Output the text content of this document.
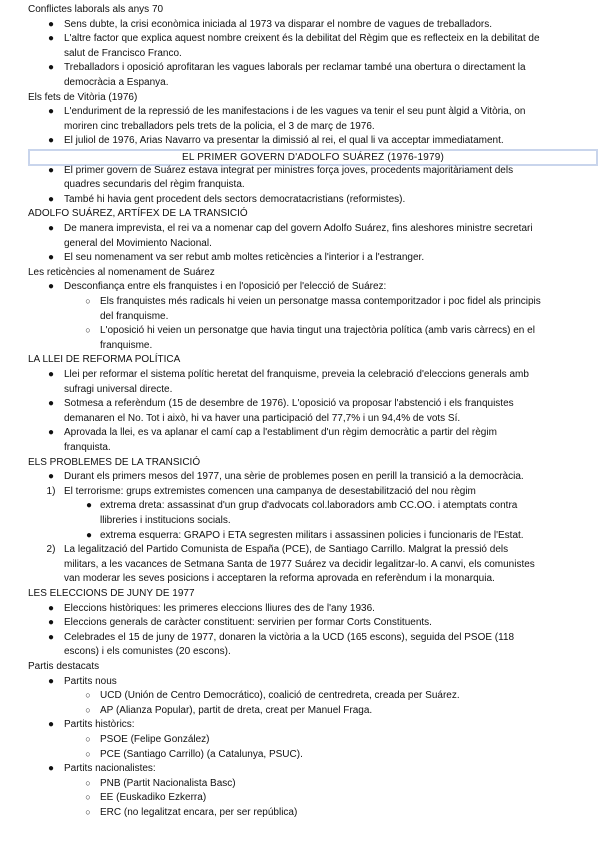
Conflictes laborals als anys 70
● Sens dubte, la crisi econòmica iniciada al 1973 va disparar el nombre de vagues de treballadors.
● L'altre factor que explica aquest nombre creixent és la debilitat del Règim que es reflecteix en la debilitat de
salut de Francisco Franco.
● Treballadors i oposició aprofitaran les vagues laborals per reclamar també una obertura o directament la
democràcia a Espanya.
Els fets de Vitòria (1976)
● L'enduriment de la repressió de les manifestacions i de les vagues va tenir el seu punt àlgid a Vitòria, on
moriren cinc treballadors pels trets de la policia, el 3 de març de 1976.
● El juliol de 1976, Arias Navarro va presentar la dimissió al rei, el qual li va acceptar immediatament.
EL PRIMER GOVERN D'ADOLFO SUÁREZ (1976-1979)
● El primer govern de Suárez estava integrat per ministres força joves, procedents majoritàriament dels
quadres secundaris del règim franquista.
● També hi havia gent procedent dels sectors democratacristians (reformistes).
ADOLFO SUÁREZ, ARTÍFEX DE LA TRANSICIÓ
● De manera imprevista, el rei va a nomenar cap del govern Adolfo Suárez, fins aleshores ministre secretari
general del Movimiento Nacional.
● El seu nomenament va ser rebut amb moltes reticències a l'interior i a l'estranger.
Les reticències al nomenament de Suárez
● Desconfiança entre els franquistes i en l'oposició per l'elecció de Suárez:
○ Els franquistes més radicals hi veien un personatge massa contemporitzador i poc fidel als principis
del franquisme.
○ L'oposició hi veien un personatge que havia tingut una trajectòria política (amb varis càrrecs) en el
franquisme.
LA LLEI DE REFORMA POLÍTICA
● Llei per reformar el sistema polític heretat del franquisme, preveia la celebració d'eleccions generals amb
sufragi universal directe.
● Sotmesa a referèndum (15 de desembre de 1976). L'oposició va proposar l'abstenció i els franquistes
demanaren el No. Tot i això, hi va haver una participació del 77,7% i un 94,4% de vots Sí.
● Aprovada la llei, es va aplanar el camí cap a l'establiment d'un règim democràtic a partir del règim
franquista.
ELS PROBLEMES DE LA TRANSICIÓ
● Durant els primers mesos del 1977, una sèrie de problemes posen en perill la transició a la democràcia.
1) El terrorisme: grups extremistes comencen una campanya de desestabilització del nou règim
● extrema dreta: assassinat d'un grup d'advocats col.laboradors amb CC.OO. i atemptats contra
llibreries i institucions socials.
● extrema esquerra: GRAPO i ETA segresten militars i assassinen policies i funcionaris de l'Estat.
2) La legalització del Partido Comunista de España (PCE), de Santiago Carrillo. Malgrat la pressió dels
militars, a les vacances de Setmana Santa de 1977 Suárez va decidir legalitzar-lo. A canvi, els comunistes
van moderar les seves posicions i acceptaren la reforma aprovada en referèndum i la monarquia.
LES ELECCIONS DE JUNY DE 1977
● Eleccions històriques: les primeres eleccions lliures des de l'any 1936.
● Eleccions generals de caràcter constituent: servirien per formar Corts Constituents.
● Celebrades el 15 de juny de 1977, donaren la victòria a la UCD (165 escons), seguida del PSOE (118
escons) i els comunistes (20 escons).
Partis destacats
● Partits nous
○ UCD (Unión de Centro Democrático), coalició de centredreta, creada per Suárez.
○ AP (Alianza Popular), partit de dreta, creat per Manuel Fraga.
● Partits històrics:
○ PSOE (Felipe González)
○ PCE (Santiago Carrillo) (a Catalunya, PSUC).
● Partits nacionalistes:
○ PNB (Partit Nacionalista Basc)
○ EE (Euskadiko Ezkerra)
○ ERC (no legalitzat encara, per ser república)
